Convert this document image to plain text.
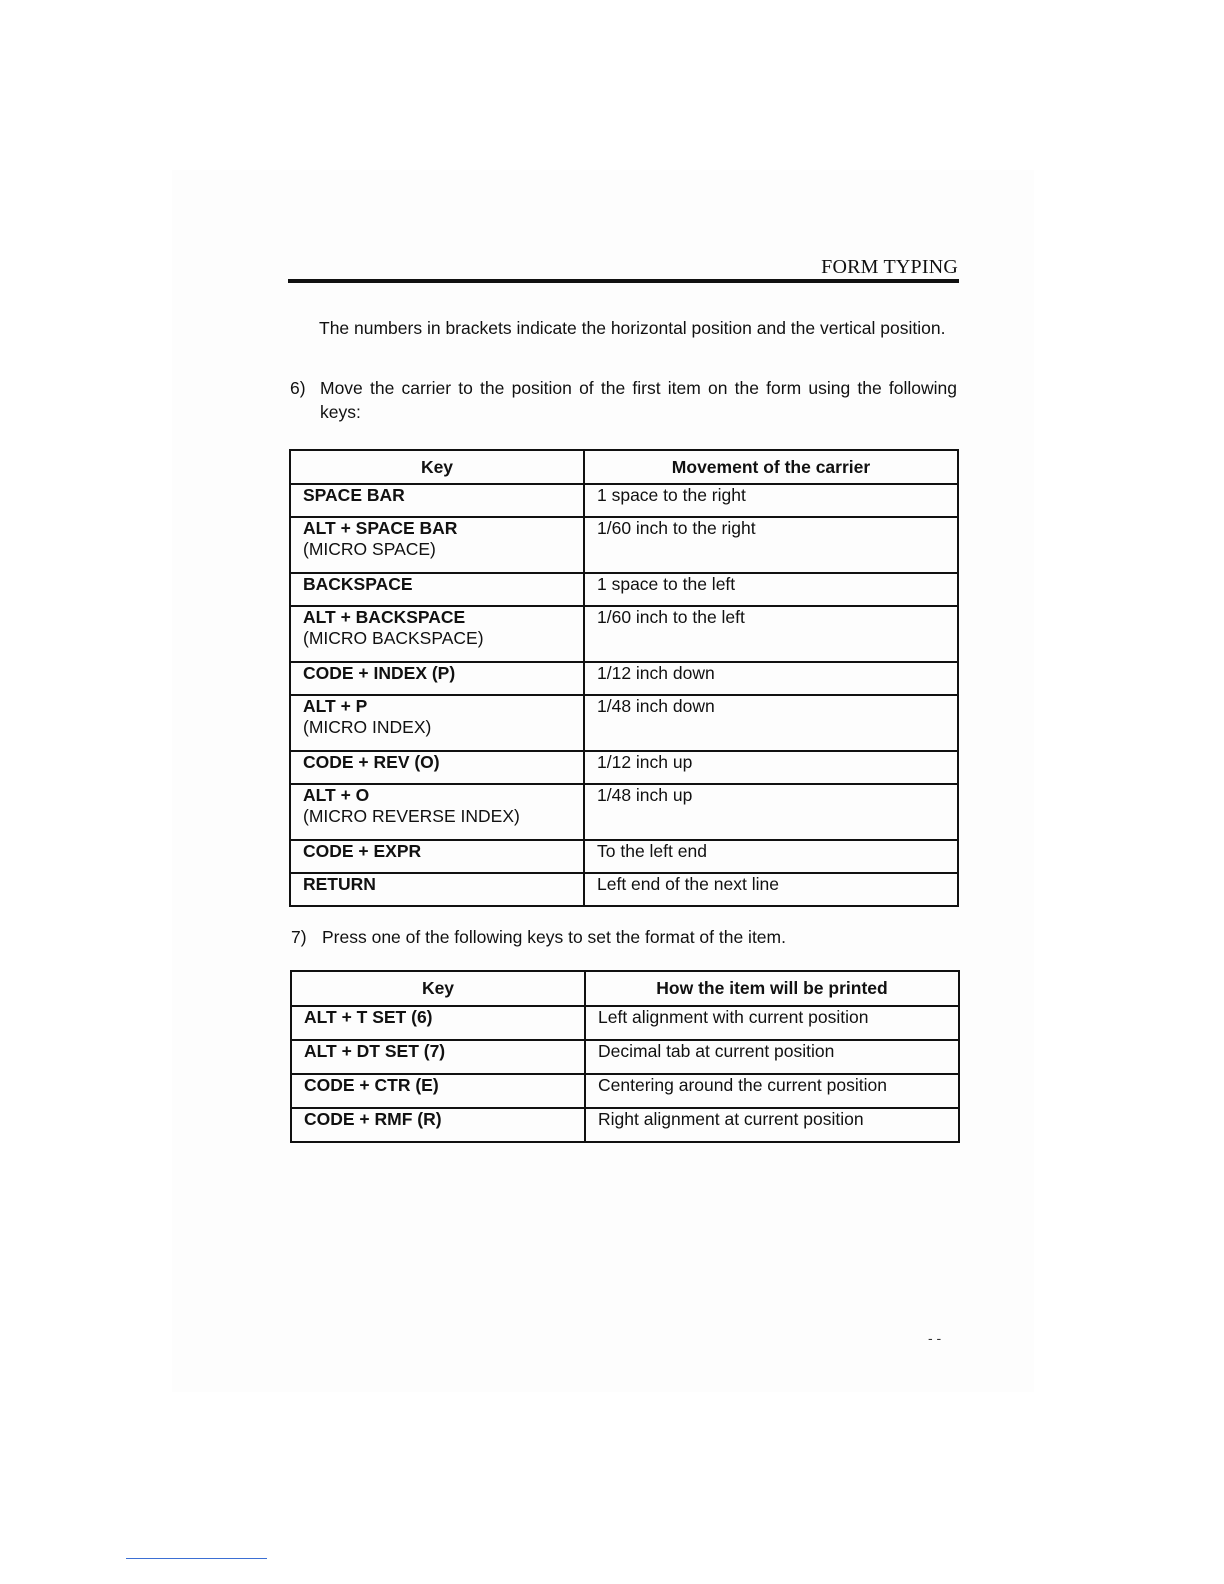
FORM TYPING
The numbers in brackets indicate the horizontal position and the vertical position.
6) Move the carrier to the position of the first item on the form using the following keys:
Key	Movement of the carrier
SPACE BAR	1 space to the right
ALT + SPACE BAR
(MICRO SPACE)	1/60 inch to the right
BACKSPACE	1 space to the left
ALT + BACKSPACE
(MICRO BACKSPACE)	1/60 inch to the left
CODE + INDEX (P)	1/12 inch down
ALT + P
(MICRO INDEX)	1/48 inch down
CODE + REV (O)	1/12 inch up
ALT + O
(MICRO REVERSE INDEX)	1/48 inch up
CODE + EXPR	To the left end
RETURN	Left end of the next line
7) Press one of the following keys to set the format of the item.
Key	How the item will be printed
ALT + T SET (6)	Left alignment with current position
ALT + DT SET (7)	Decimal tab at current position
CODE + CTR (E)	Centering around the current position
CODE + RMF (R)	Right alignment at current position
- -
